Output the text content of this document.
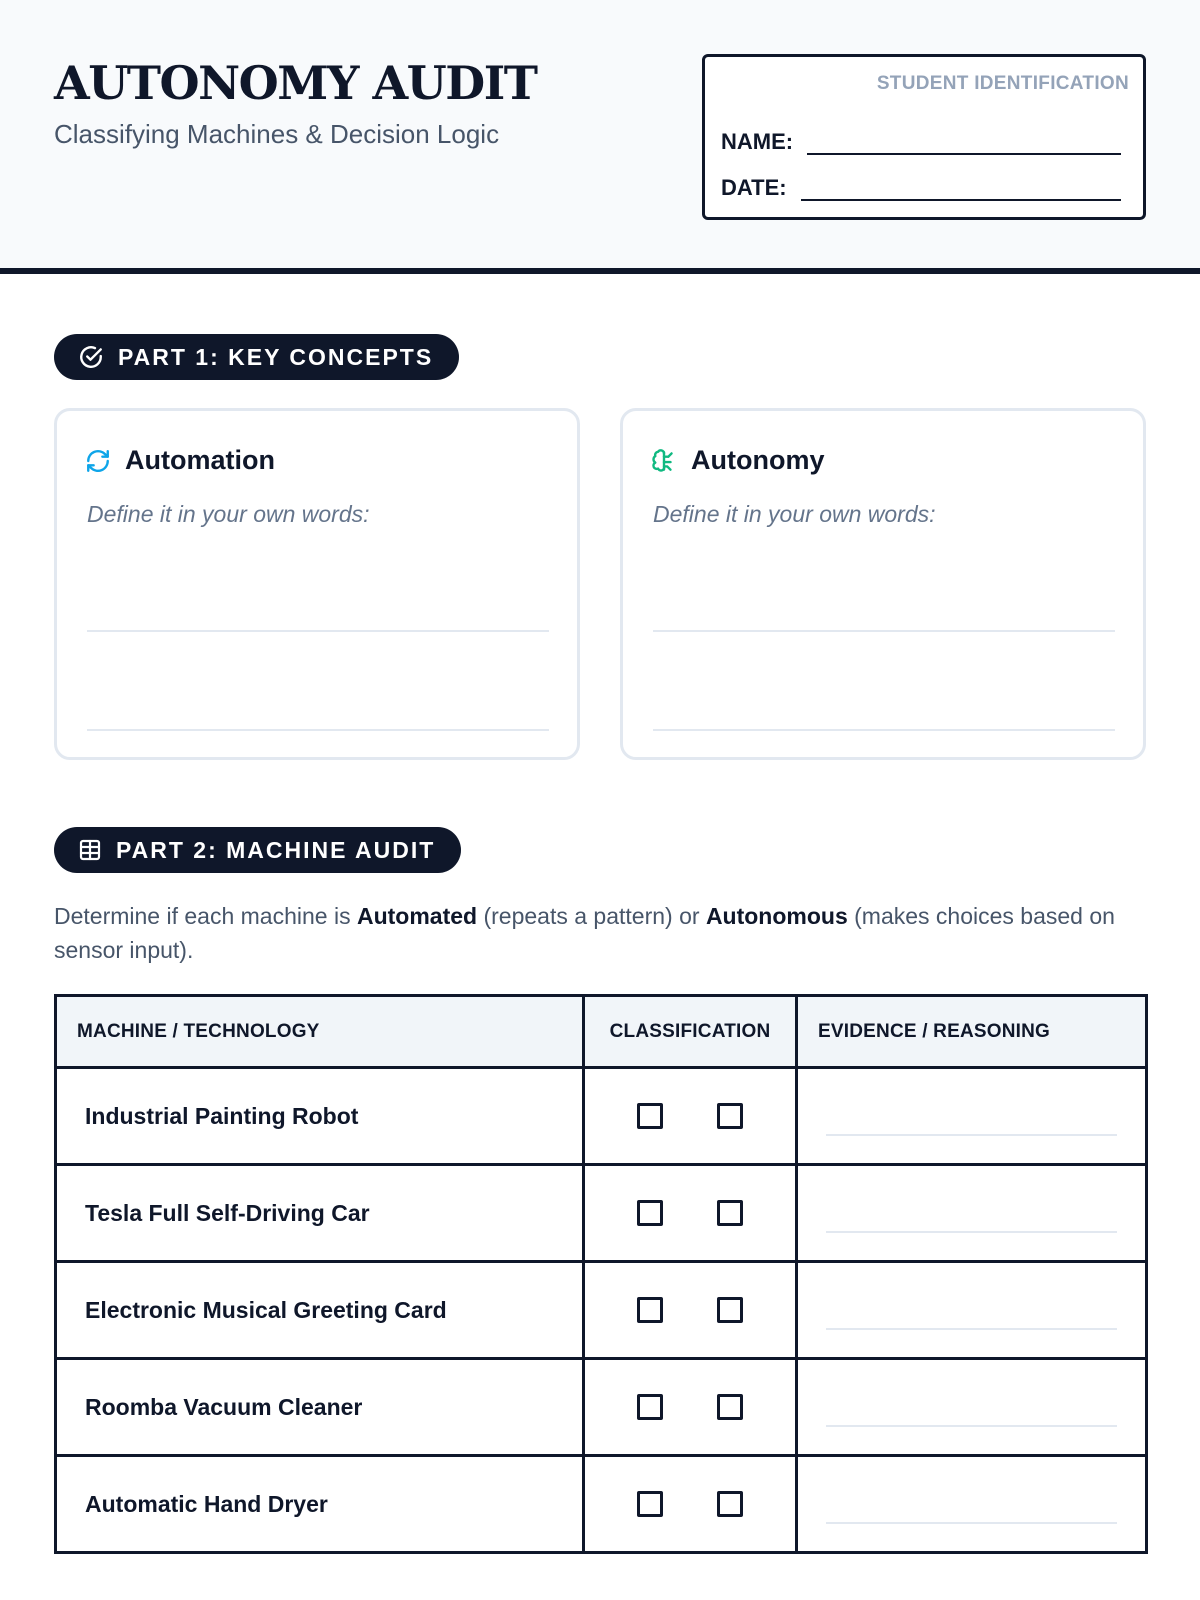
AUTONOMY AUDIT
Classifying Machines & Decision Logic
STUDENT IDENTIFICATION
NAME:
DATE:
PART 1: KEY CONCEPTS
Automation
Define it in your own words:
Autonomy
Define it in your own words:
PART 2: MACHINE AUDIT
Determine if each machine is Automated (repeats a pattern) or Autonomous (makes choices based on sensor input).
MACHINE / TECHNOLOGY	CLASSIFICATION	EVIDENCE / REASONING
Industrial Painting Robot		

Tesla Full Self-Driving Car		

Electronic Musical Greeting Card		

Roomba Vacuum Cleaner		

Automatic Hand Dryer		
